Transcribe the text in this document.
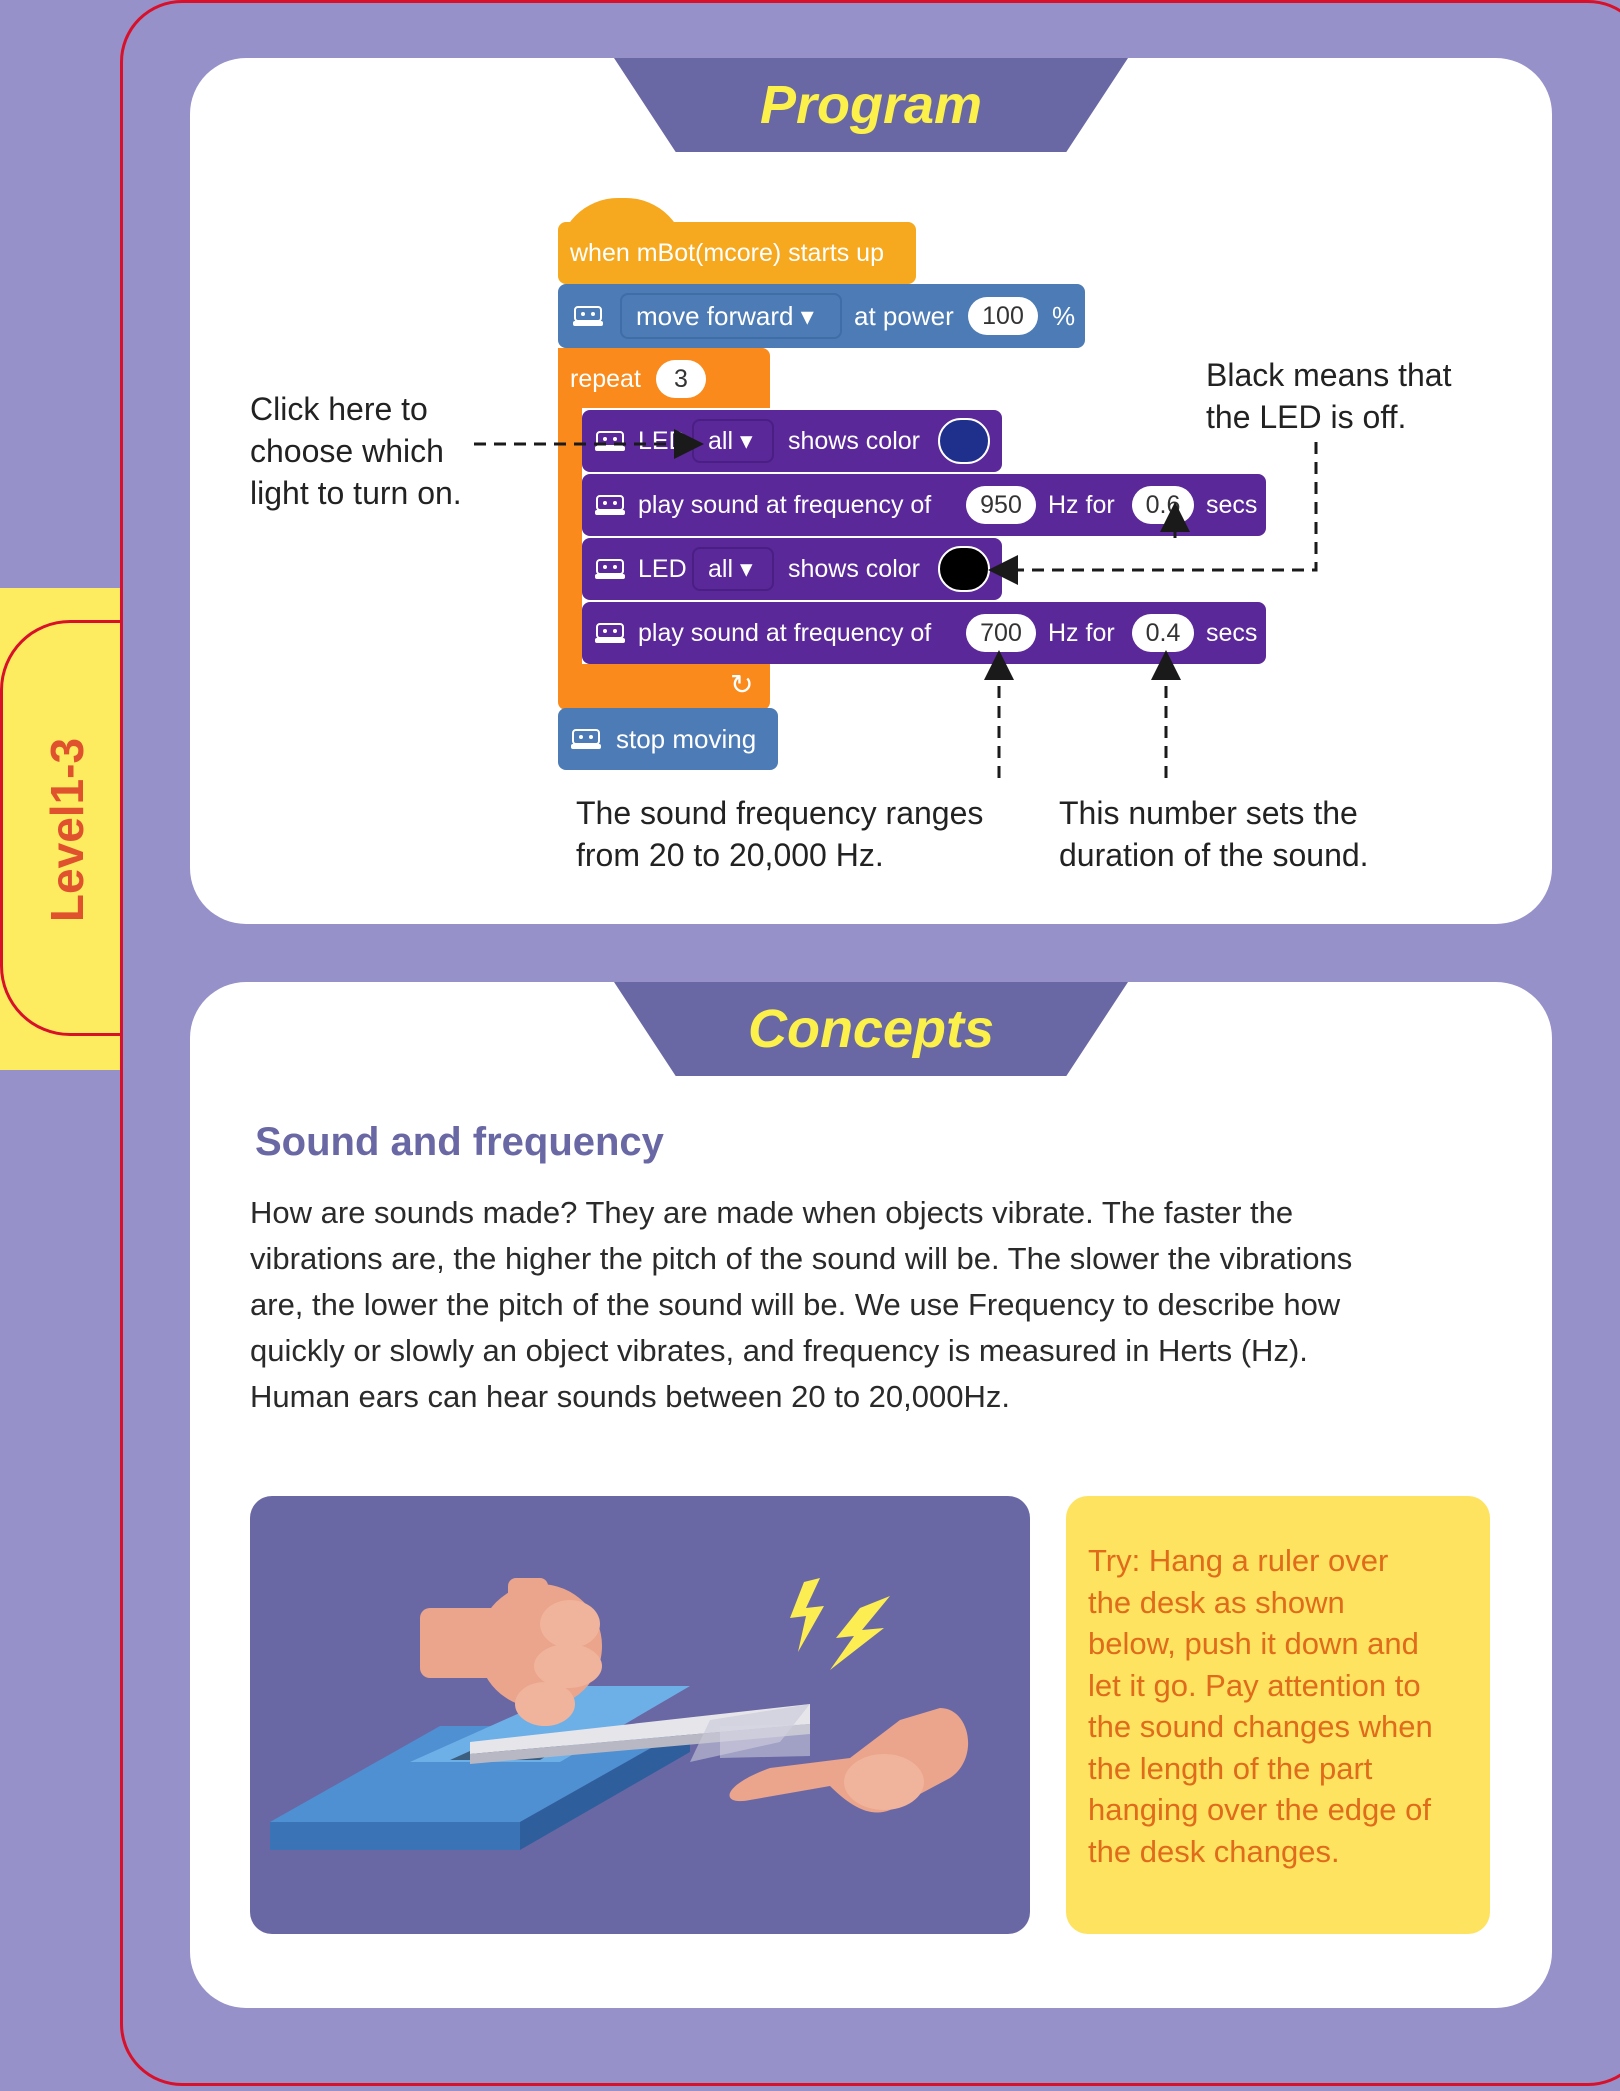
Level1-3
Program
when mBot(mcore) starts up
move forward ▾	at power	100	%
repeat	3
↻
LED all ▾	shows color
play sound at frequency of	950	Hz for	0.6	secs
LED all ▾	shows color
play sound at frequency of	700	Hz for	0.4	secs
stop moving
Click here to
choose which
light to turn on.
Black means that
the LED is off.
The sound frequency ranges
from 20 to 20,000 Hz.
This number sets the
duration of the sound.
Concepts
Sound and frequency
How are sounds made? They are made when objects vibrate. The faster the
vibrations are, the higher the pitch of the sound will be. The slower the vibrations
are, the lower the pitch of the sound will be. We use Frequency to describe how
quickly or slowly an object vibrates, and frequency is measured in Herts (Hz).
Human ears can hear sounds between 20 to 20,000Hz.
Try: Hang a ruler over
the desk as shown
below, push it down and
let it go. Pay attention to
the sound changes when
the length of the part
hanging over the edge of
the desk changes.
